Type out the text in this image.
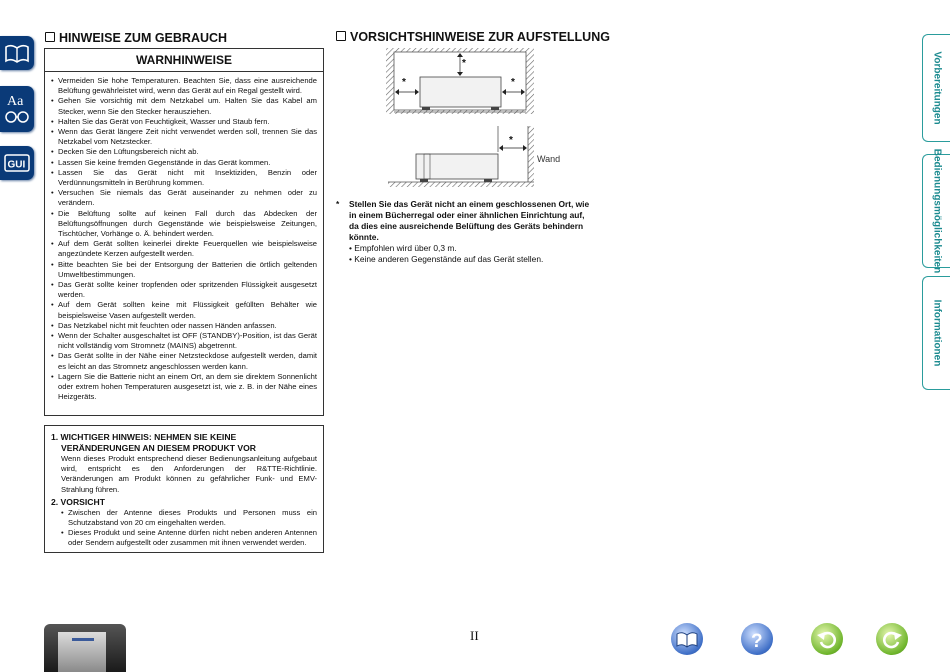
Aa
GUI
Vorbereitungen
Bedienungsmöglichkeiten
Informationen
HINWEISE ZUM GEBRAUCH
WARNHINWEISE
• Vermeiden Sie hohe Temperaturen. Beachten Sie, dass eine ausreichende Belüftung gewährleistet wird, wenn das Gerät auf ein Regal gestellt wird.
• Gehen Sie vorsichtig mit dem Netzkabel um. Halten Sie das Kabel am Stecker, wenn Sie den Stecker herausziehen.
• Halten Sie das Gerät von Feuchtigkeit, Wasser und Staub fern.
• Wenn das Gerät längere Zeit nicht verwendet werden soll, trennen Sie das Netzkabel vom Netzstecker.
• Decken Sie den Lüftungsbereich nicht ab.
• Lassen Sie keine fremden Gegenstände in das Gerät kommen.
• Lassen Sie das Gerät nicht mit Insektiziden, Benzin oder Verdünnungsmitteln in Berührung kommen.
• Versuchen Sie niemals das Gerät auseinander zu nehmen oder zu verändern.
• Die Belüftung sollte auf keinen Fall durch das Abdecken der Belüftungsöffnungen durch Gegenstände wie beispielsweise Zeitungen, Tischtücher, Vorhänge o. Ä. behindert werden.
• Auf dem Gerät sollten keinerlei direkte Feuerquellen wie beispielsweise angezündete Kerzen aufgestellt werden.
• Bitte beachten Sie bei der Entsorgung der Batterien die örtlich geltenden Umweltbestimmungen.
• Das Gerät sollte keiner tropfenden oder spritzenden Flüssigkeit ausgesetzt werden.
• Auf dem Gerät sollten keine mit Flüssigkeit gefüllten Behälter wie beispielsweise Vasen aufgestellt werden.
• Das Netzkabel nicht mit feuchten oder nassen Händen anfassen.
• Wenn der Schalter ausgeschaltet ist OFF (STANDBY)-Position, ist das Gerät nicht vollständig vom Stromnetz (MAINS) abgetrennt.
• Das Gerät sollte in der Nähe einer Netzsteckdose aufgestellt werden, damit es leicht an das Stromnetz angeschlossen werden kann.
• Lagern Sie die Batterie nicht an einem Ort, an dem sie direktem Sonnenlicht oder extrem hohen Temperaturen ausgesetzt ist, wie z. B. in der Nähe eines Heizgeräts.
1. WICHTIGER HINWEIS: NEHMEN SIE KEINE
VERÄNDERUNGEN AN DIESEM PRODUKT VOR
Wenn dieses Produkt entsprechend dieser Bedienungsanleitung aufgebaut wird, entspricht es den Anforderungen der R&TTE-Richtlinie. Veränderungen am Produkt können zu gefährlicher Funk- und EMV-Strahlung führen.
2. VORSICHT
• Zwischen der Antenne dieses Produkts und Personen muss ein Schutzabstand von 20 cm eingehalten werden.
• Dieses Produkt und seine Antenne dürfen nicht neben anderen Antennen oder Sendern aufgestellt oder zusammen mit ihnen verwendet werden.
VORSICHTSHINWEISE ZUR AUFSTELLUNG
*
*	*
*
Wand
* Stellen Sie das Gerät nicht an einem geschlossenen Ort, wie
in einem Bücherregal oder einer ähnlichen Einrichtung auf,
da dies eine ausreichende Belüftung des Geräts behindern
könnte.
• Empfohlen wird über 0,3 m.
• Keine anderen Gegenstände auf das Gerät stellen.
II	?
